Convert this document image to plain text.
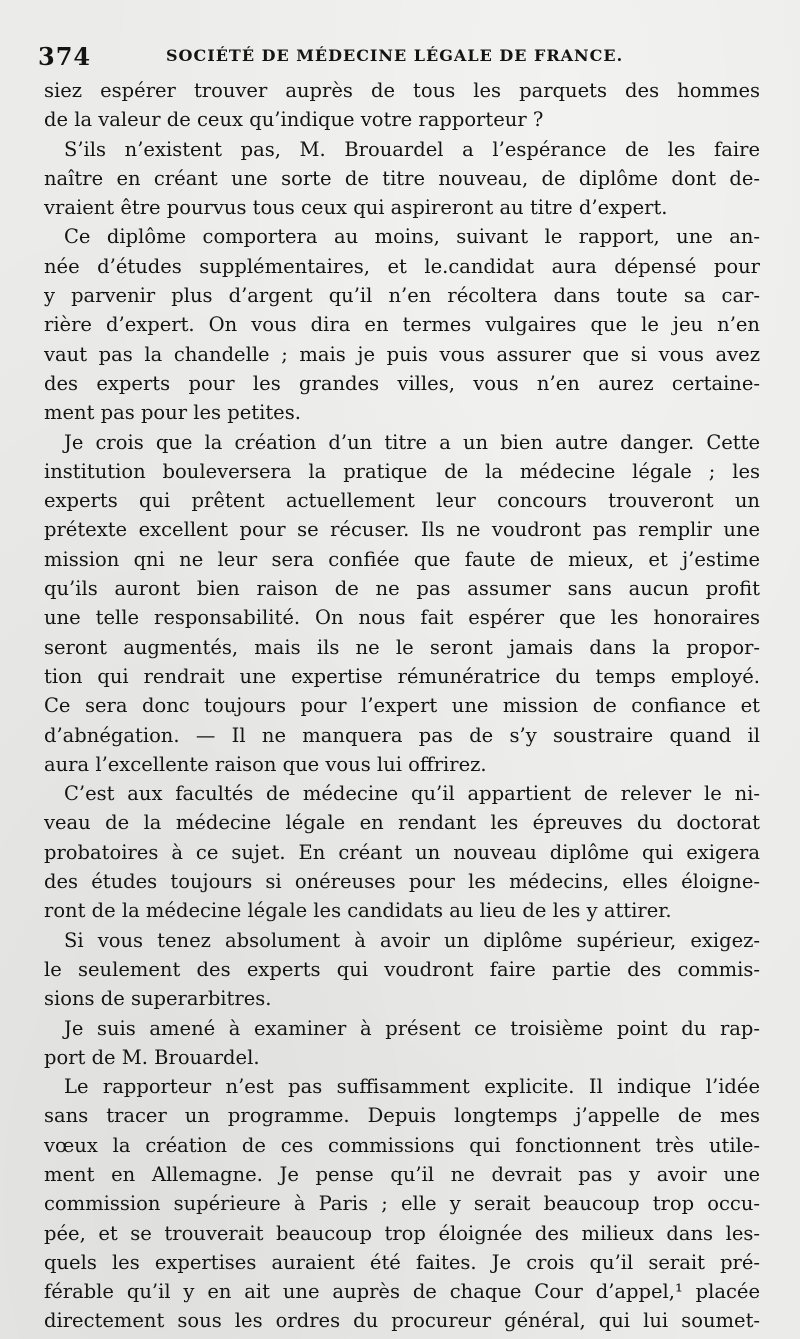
374	SOCIÉTÉ DE MÉDECINE LÉGALE DE FRANCE.
siez espérer trouver auprès de tous les parquets des hommes
de la valeur de ceux qu’indique votre rapporteur ?
S’ils n’existent pas, M. Brouardel a l’espérance de les faire
naître en créant une sorte de titre nouveau, de diplôme dont de-
vraient être pourvus tous ceux qui aspireront au titre d’expert.
Ce diplôme comportera au moins, suivant le rapport, une an-
née d’études supplémentaires, et le.candidat aura dépensé pour
y parvenir plus d’argent qu’il n’en récoltera dans toute sa car-
rière d’expert. On vous dira en termes vulgaires que le jeu n’en
vaut pas la chandelle ; mais je puis vous assurer que si vous avez
des experts pour les grandes villes, vous n’en aurez certaine-
ment pas pour les petites.
Je crois que la création d’un titre a un bien autre danger. Cette
institution bouleversera la pratique de la médecine légale ; les
experts qui prêtent actuellement leur concours trouveront un
prétexte excellent pour se récuser. Ils ne voudront pas remplir une
mission qni ne leur sera confiée que faute de mieux, et j’estime
qu’ils auront bien raison de ne pas assumer sans aucun profit
une telle responsabilité. On nous fait espérer que les honoraires
seront augmentés, mais ils ne le seront jamais dans la propor-
tion qui rendrait une expertise rémunératrice du temps employé.
Ce sera donc toujours pour l’expert une mission de confiance et
d’abnégation. — Il ne manquera pas de s’y soustraire quand il
aura l’excellente raison que vous lui offrirez.
C’est aux facultés de médecine qu’il appartient de relever le ni-
veau de la médecine légale en rendant les épreuves du doctorat
probatoires à ce sujet. En créant un nouveau diplôme qui exigera
des études toujours si onéreuses pour les médecins, elles éloigne-
ront de la médecine légale les candidats au lieu de les y attirer.
Si vous tenez absolument à avoir un diplôme supérieur, exigez-
le seulement des experts qui voudront faire partie des commis-
sions de superarbitres.
Je suis amené à examiner à présent ce troisième point du rap-
port de M. Brouardel.
Le rapporteur n’est pas suffisamment explicite. Il indique l’idée
sans tracer un programme. Depuis longtemps j’appelle de mes
vœux la création de ces commissions qui fonctionnent très utile-
ment en Allemagne. Je pense qu’il ne devrait pas y avoir une
commission supérieure à Paris ; elle y serait beaucoup trop occu-
pée, et se trouverait beaucoup trop éloignée des milieux dans les-
quels les expertises auraient été faites. Je crois qu’il serait pré-
férable qu’il y en ait une auprès de chaque Cour d’appel,¹ placée
directement sous les ordres du procureur général, qui lui soumet-
